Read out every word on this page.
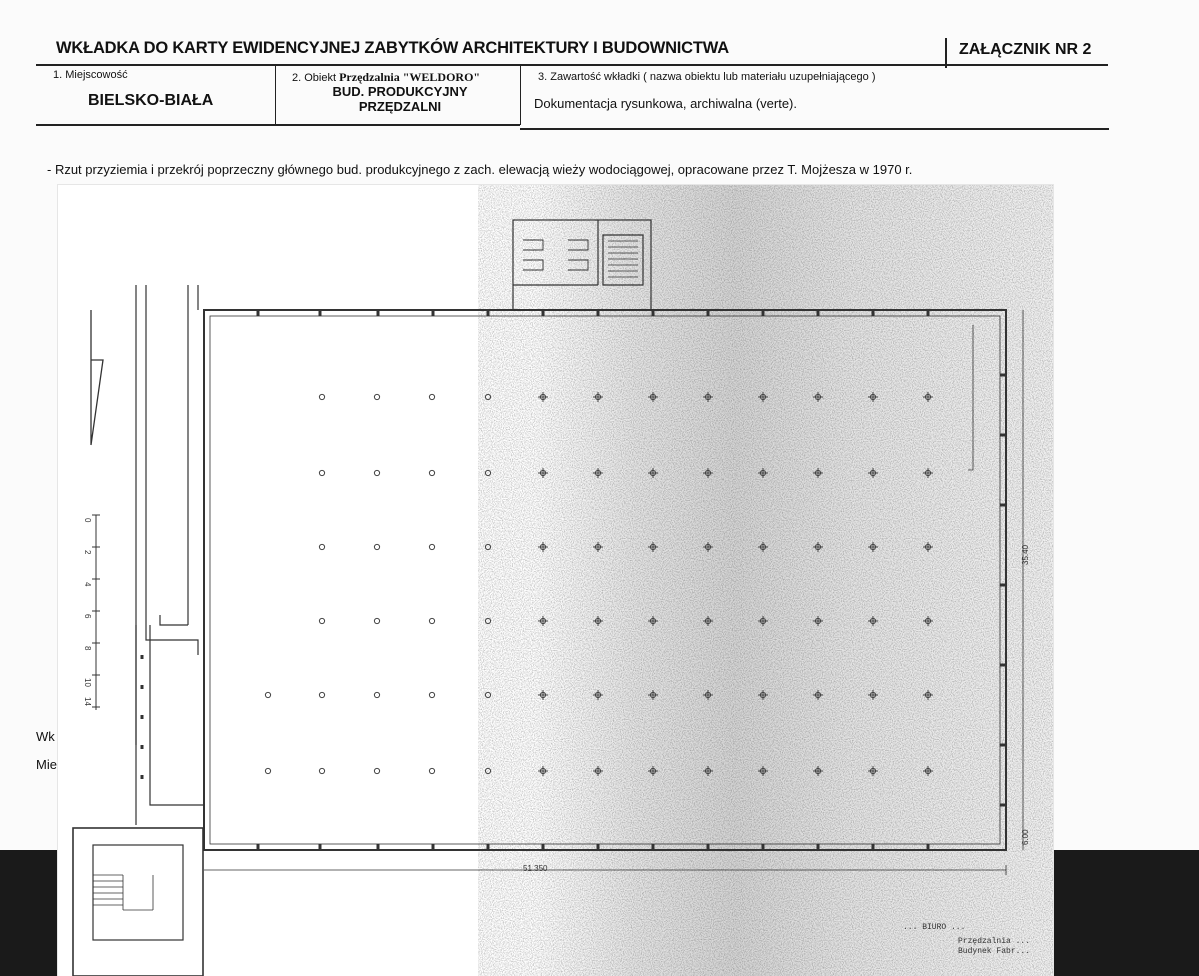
WKŁADKA DO KARTY EWIDENCYJNEJ ZABYTKÓW ARCHITEKTURY I BUDOWNICTWA	ZAŁĄCZNIK NR 2
1. Miejscowość
BIELSKO-BIAŁA
2. Obiekt Przędzalnia "WELDORO"
BUD. PRODUKCYJNY PRZĘDZALNI
3. Zawartość wkładki ( nazwa obiektu lub materiału uzupełniającego )
Dokumentacja rysunkowa, archiwalna (verte).
- Rzut przyziemia i przekrój poprzeczny głównego bud. produkcyjnego z zach. elewacją wieży wodociągowej, opracowane przez T. Mojżesza w 1970 r.
Wk
Mie
0
2
4
6
8
10
14
51.350
35.40
6.00
... BIURO ...
Przędzalnia ...
Budynek Fabr...
